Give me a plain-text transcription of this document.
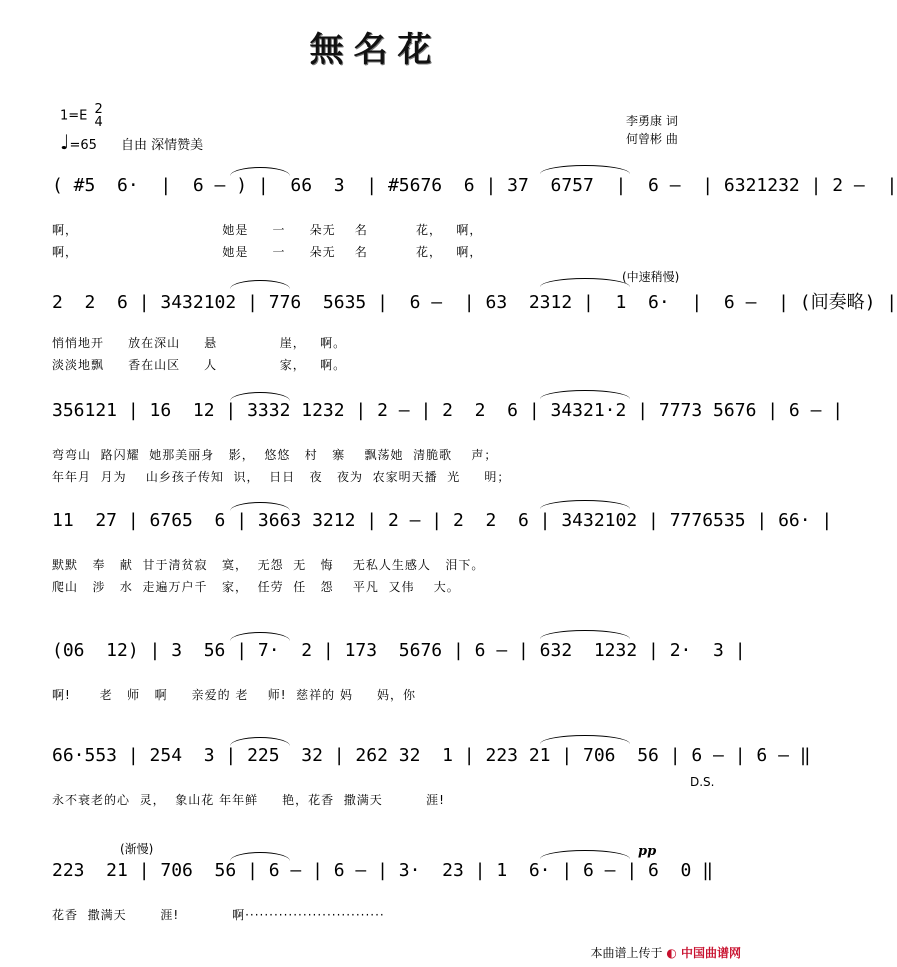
無名花
1=E 2
4
♩=65 自由 深情赞美
李勇康 词
何曾彬 曲
( #5  6·  |  6 – ) |  66  3  | #5676  6 | 37  6757  |  6 –  | 6321232 | 2 –  |
啊，                              她是     一     朵无    名          花，   啊，
啊，                              她是     一     朵无    名          花，   啊，
2  2  6 | 3432102 | 776  5635 |  6 –  | 63  2312 |  1  6·  |  6 –  | (间奏略) |
悄悄地开     放在深山     悬             崖，   啊。
淡淡地飘     香在山区     人             家，   啊。
(中速稍慢)
356121 | 16  12 | 3332 1232 | 2 – | 2  2  6 | 34321·2 | 7773 5676 | 6 – |
弯弯山  路闪耀  她那美丽身   影，  悠悠   村   寨    飘荡她  清脆歌    声；
年年月  月为    山乡孩子传知  识，  日日   夜   夜为  农家明天播  光     明；
11  27 | 6765  6 | 3663 3212 | 2 – | 2  2  6 | 3432102 | 7776535 | 66· |
默默   奉   献  甘于清贫寂   寞，  无怨  无   悔    无私人生感人   泪下。
爬山   涉   水  走遍万户千   家，  任劳  任   怨    平凡  又伟    大。
(06  12) | 3  56 | 7·  2 | 173  5676 | 6 – | 632  1232 | 2·  3 |
啊!      老   师   啊     亲爱的 老    师!  慈祥的 妈     妈，你
66·553 | 254  3 | 225  32 | 262 32  1 | 223 21 | 706  56 | 6 – | 6 – ‖
永不衰老的心  灵，  象山花 年年鲜     艳，花香  撒满天         涯!
D.S.
223  21 | 706  56 | 6 – | 6 – | 3·  23 | 1  6· | 6 – | 6  0 ‖
花香  撒满天       涯!           啊·····························
(渐慢)	pp
本曲谱上传于 ◐ 中国曲谱网
